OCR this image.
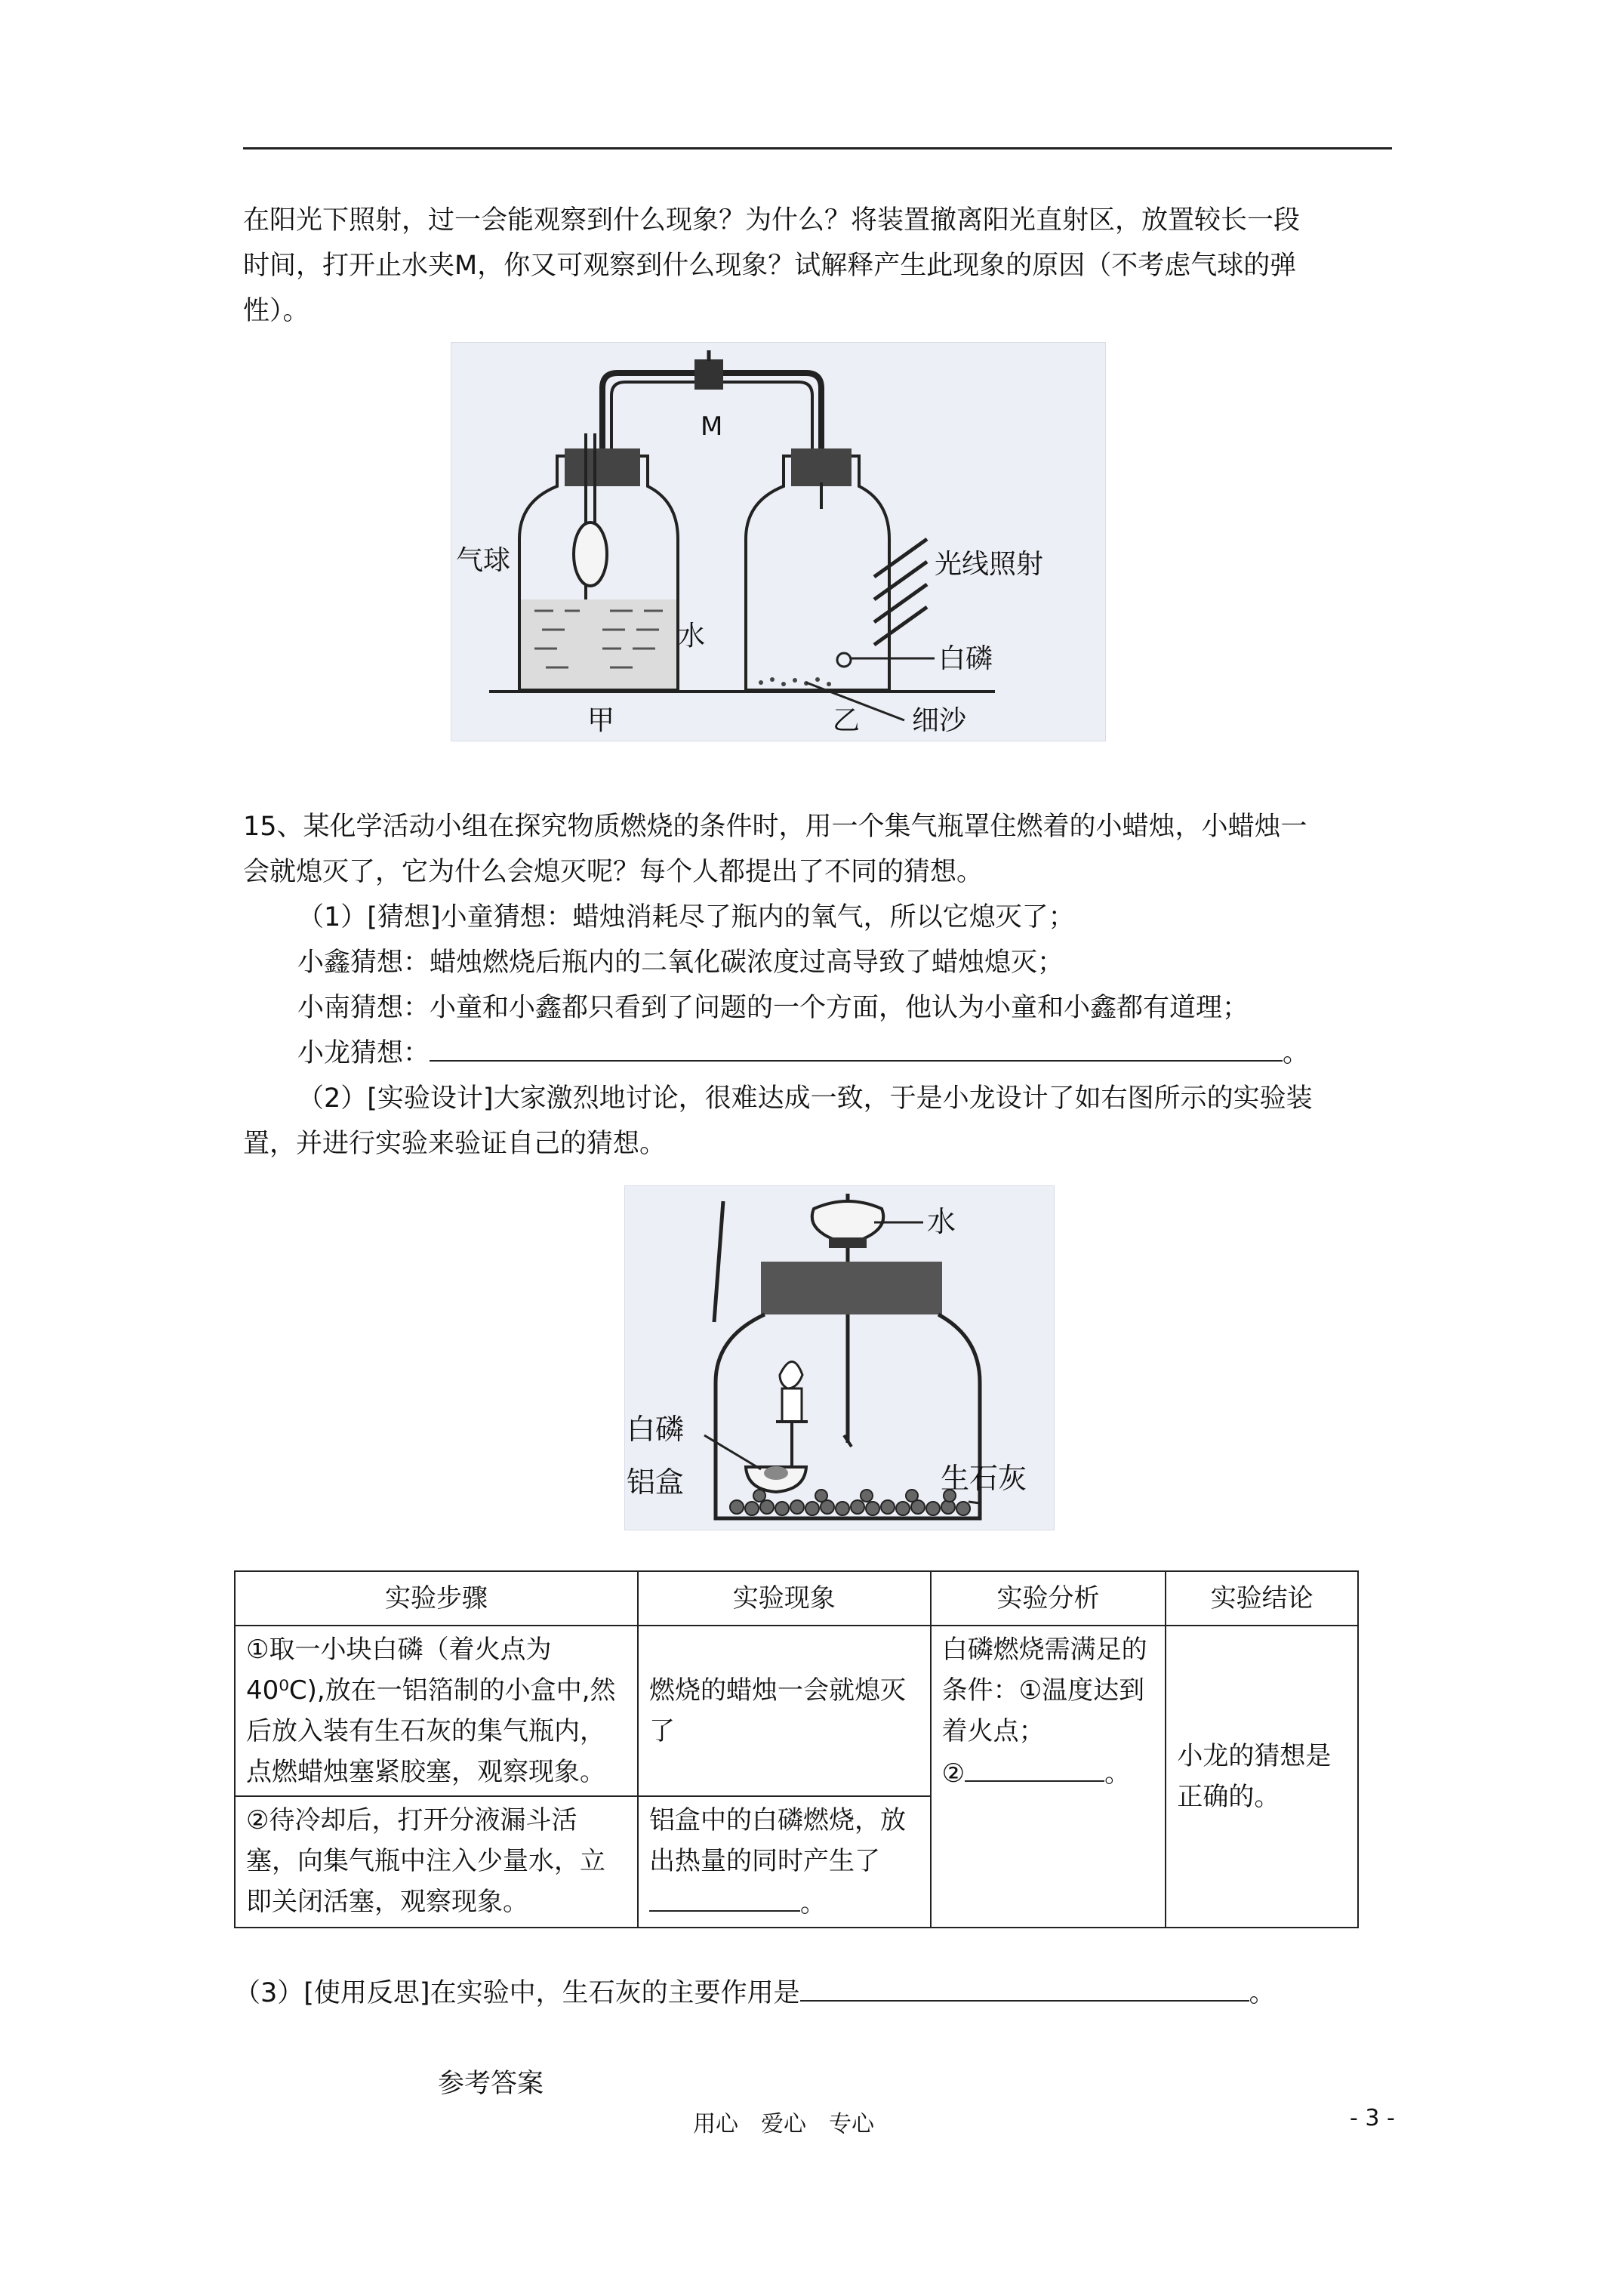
在阳光下照射，过一会能观察到什么现象？为什么？将装置撤离阳光直射区，放置较长一段

时间，打开止水夹M，你又可观察到什么现象？试解释产生此现象的原因（不考虑气球的弹

性）。

M
气球
水
光线照射
白磷
细沙
甲	乙

15、某化学活动小组在探究物质燃烧的条件时，用一个集气瓶罩住燃着的小蜡烛，小蜡烛一

会就熄灭了，它为什么会熄灭呢？每个人都提出了不同的猜想。

（1）[猜想]小童猜想：蜡烛消耗尽了瓶内的氧气，所以它熄灭了；

小鑫猜想：蜡烛燃烧后瓶内的二氧化碳浓度过高导致了蜡烛熄灭；

小南猜想：小童和小鑫都只看到了问题的一个方面，他认为小童和小鑫都有道理；

小龙猜想：	。

（2）[实验设计]大家激烈地讨论，很难达成一致，于是小龙设计了如右图所示的实验装

置，并进行实验来验证自己的猜想。

水
白磷
铝盒	生石灰
实验步骤	实验现象	实验分析	实验结论
①取一小块白磷（着火点为40⁰C),放在一铝箔制的小盒中,然后放入装有生石灰的集气瓶内，点燃蜡烛塞紧胶塞，观察现象。	燃烧的蜡烛一会就熄灭了	白磷燃烧需满足的条件：①温度达到着火点；
② 。	小龙的猜想是正确的。
②待冷却后，打开分液漏斗活塞，向集气瓶中注入少量水，立即关闭活塞，观察现象。	铝盒中的白磷燃烧，放出热量的同时产生了。		

（3）[使用反思]在实验中，生石灰的主要作用是	。

参考答案

用心　爱心　专心	- 3 -
